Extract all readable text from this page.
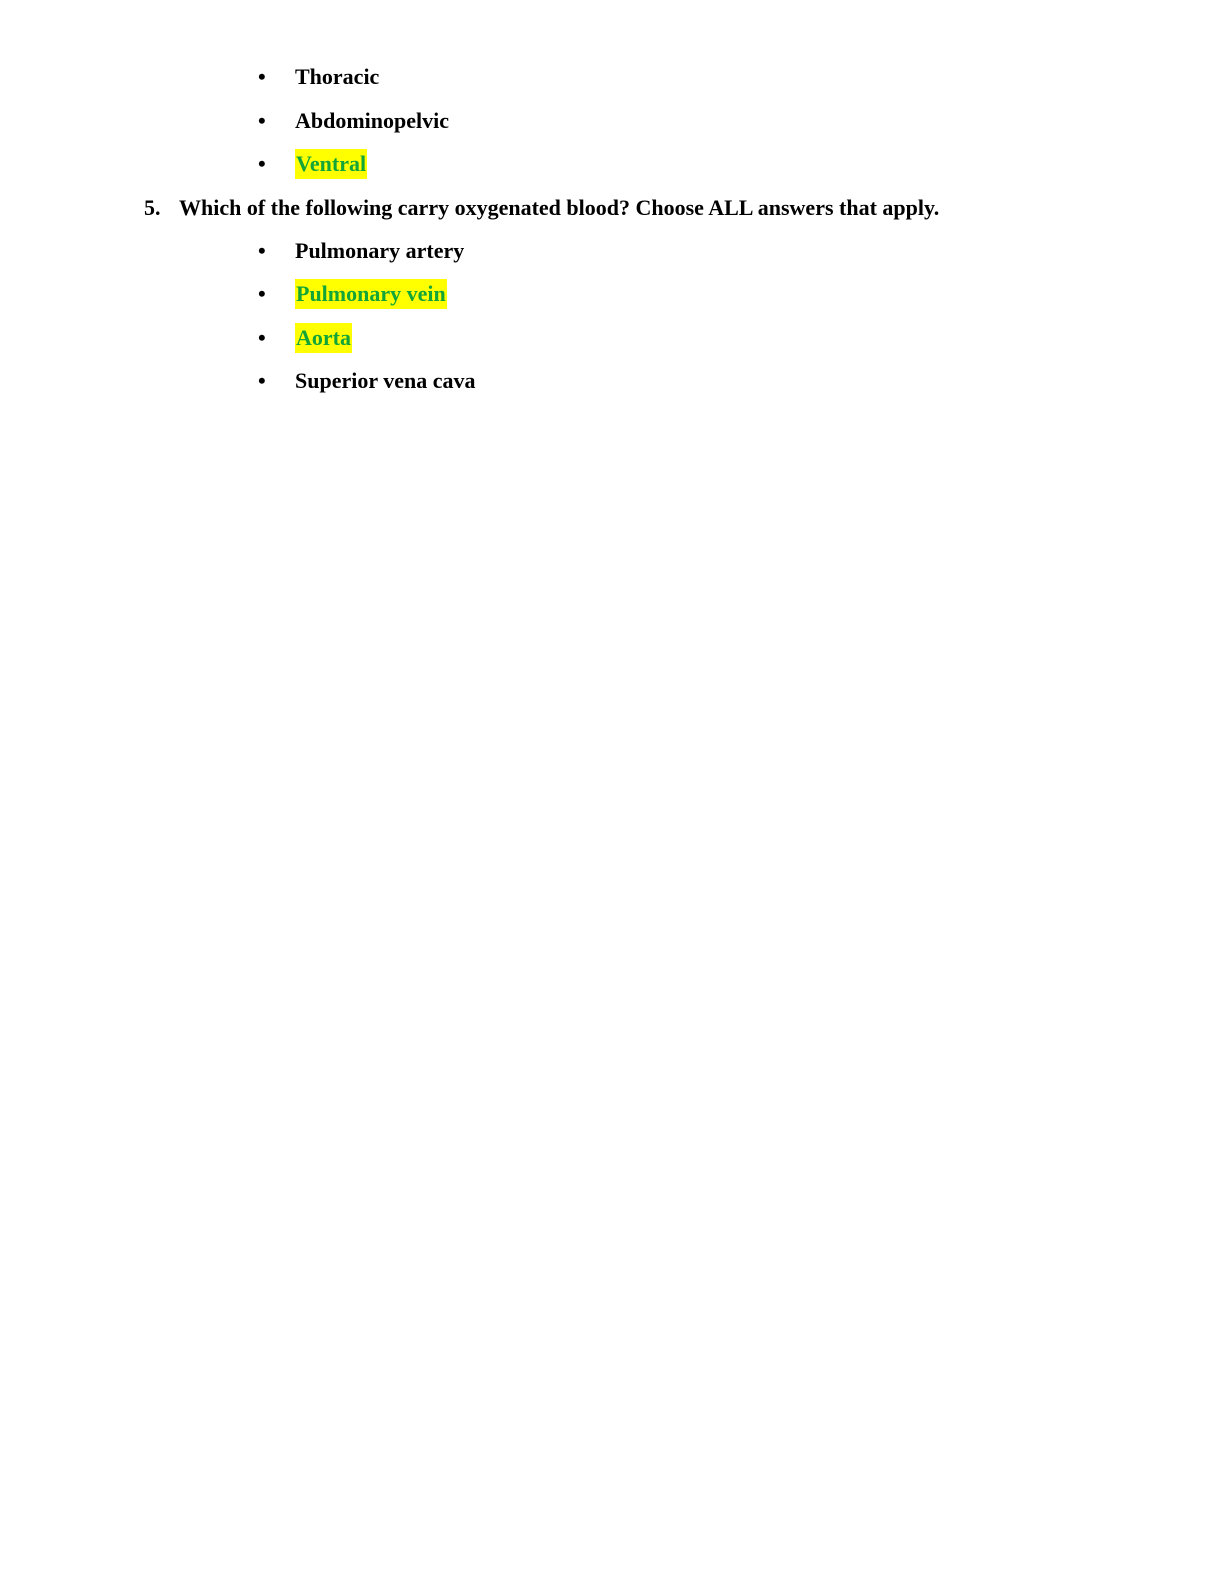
•	Thoracic
•	Abdominopelvic
•	Ventral
5. Which of the following carry oxygenated blood? Choose ALL answers that apply.
•	Pulmonary artery
•	Pulmonary vein
•	Aorta
•	Superior vena cava
